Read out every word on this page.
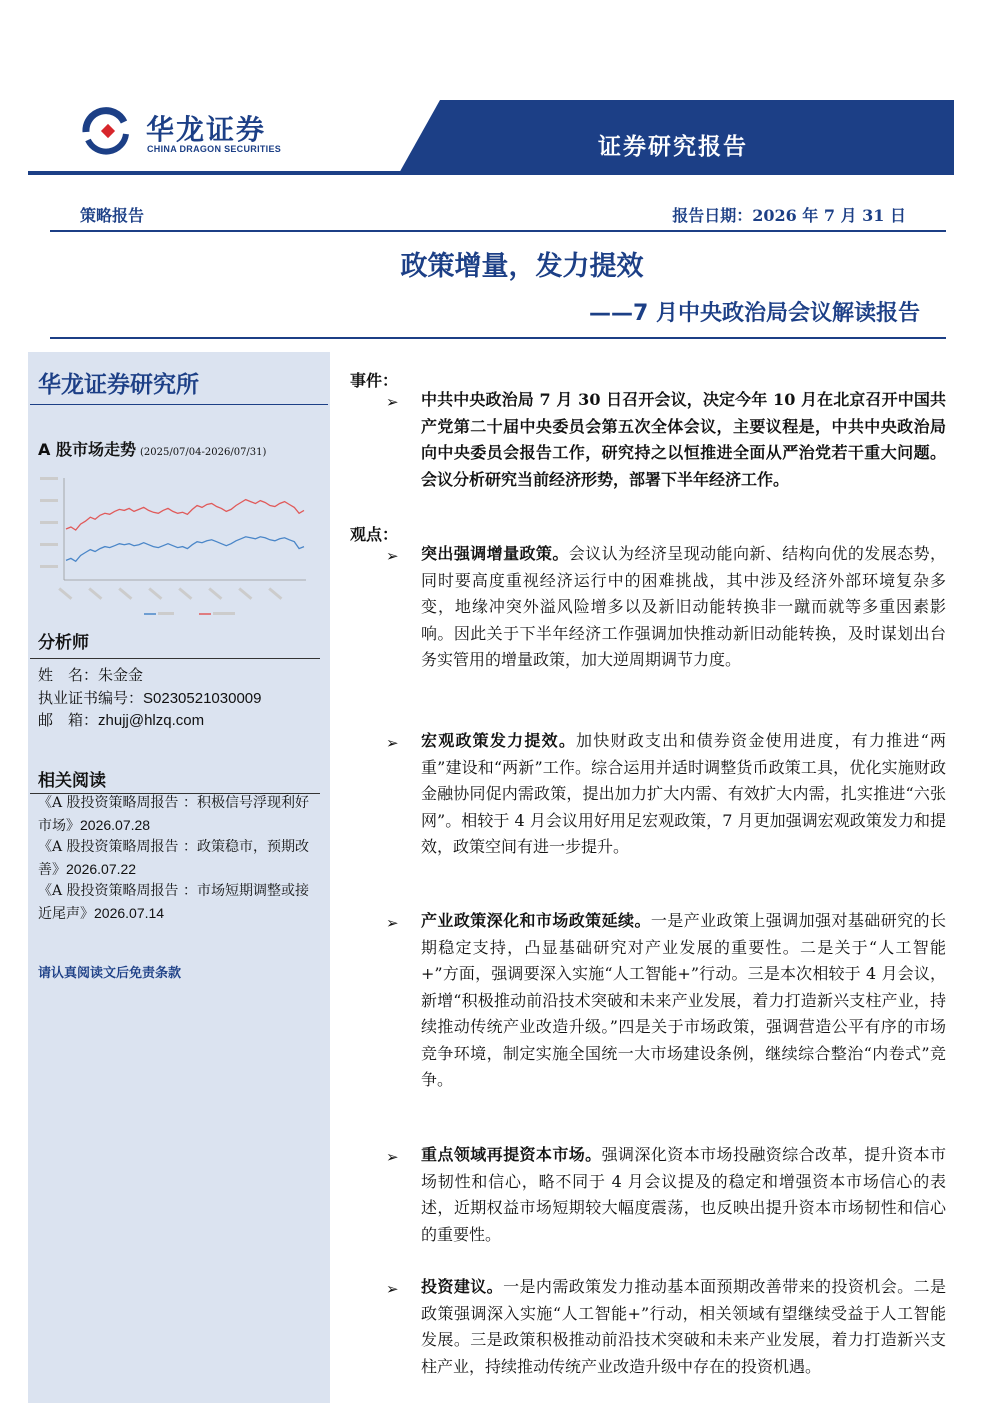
华龙证券
CHINA DRAGON SECURITIES	证券研究报告
策略报告	报告日期：2026 年 7 月 31 日
政策增量，发力提效
——7 月中央政治局会议解读报告
华龙证券研究所
A 股市场走势 (2025/07/04-2026/07/31)
分析师
姓　名：朱金金
执业证书编号：S0230521030009
邮　箱：zhujj@hlzq.com
相关阅读
《A 股投资策略周报告 ：积极信号浮现利好市场》2026.07.28
《A 股投资策略周报告 ：政策稳市，预期改善》2026.07.22
《A 股投资策略周报告 ：市场短期调整或接近尾声》2026.07.14
请认真阅读文后免责条款
事件：
➢ 中共中央政治局 7 月 30 日召开会议，决定今年 10 月在北京召开中国共产党第二十届中央委员会第五次全体会议，主要议程是，中共中央政治局向中央委员会报告工作，研究持之以恒推进全面从严治党若干重大问题。会议分析研究当前经济形势，部署下半年经济工作。
观点：
➢ 突出强调增量政策。会议认为经济呈现动能向新、结构向优的发展态势，同时要高度重视经济运行中的困难挑战，其中涉及经济外部环境复杂多变，地缘冲突外溢风险增多以及新旧动能转换非一蹴而就等多重因素影响。因此关于下半年经济工作强调加快推动新旧动能转换，及时谋划出台务实管用的增量政策，加大逆周期调节力度。
➢ 宏观政策发力提效。加快财政支出和债券资金使用进度，有力推进“两重”建设和“两新”工作。综合运用并适时调整货币政策工具，优化实施财政金融协同促内需政策，提出加力扩大内需、有效扩大内需，扎实推进“六张网”。相较于 4 月会议用好用足宏观政策，7 月更加强调宏观政策发力和提效，政策空间有进一步提升。
➢ 产业政策深化和市场政策延续。一是产业政策上强调加强对基础研究的长期稳定支持，凸显基础研究对产业发展的重要性。二是关于“人工智能+”方面，强调要深入实施“人工智能+”行动。三是本次相较于 4 月会议，新增“积极推动前沿技术突破和未来产业发展，着力打造新兴支柱产业，持续推动传统产业改造升级。”四是关于市场政策，强调营造公平有序的市场竞争环境，制定实施全国统一大市场建设条例，继续综合整治“内卷式”竞争。
➢ 重点领域再提资本市场。强调深化资本市场投融资综合改革，提升资本市场韧性和信心，略不同于 4 月会议提及的稳定和增强资本市场信心的表述，近期权益市场短期较大幅度震荡，也反映出提升资本市场韧性和信心的重要性。
➢ 投资建议。一是内需政策发力推动基本面预期改善带来的投资机会。二是政策强调深入实施“人工智能+”行动，相关领域有望继续受益于人工智能发展。三是政策积极推动前沿技术突破和未来产业发展，着力打造新兴支柱产业，持续推动传统产业改造升级中存在的投资机遇。
